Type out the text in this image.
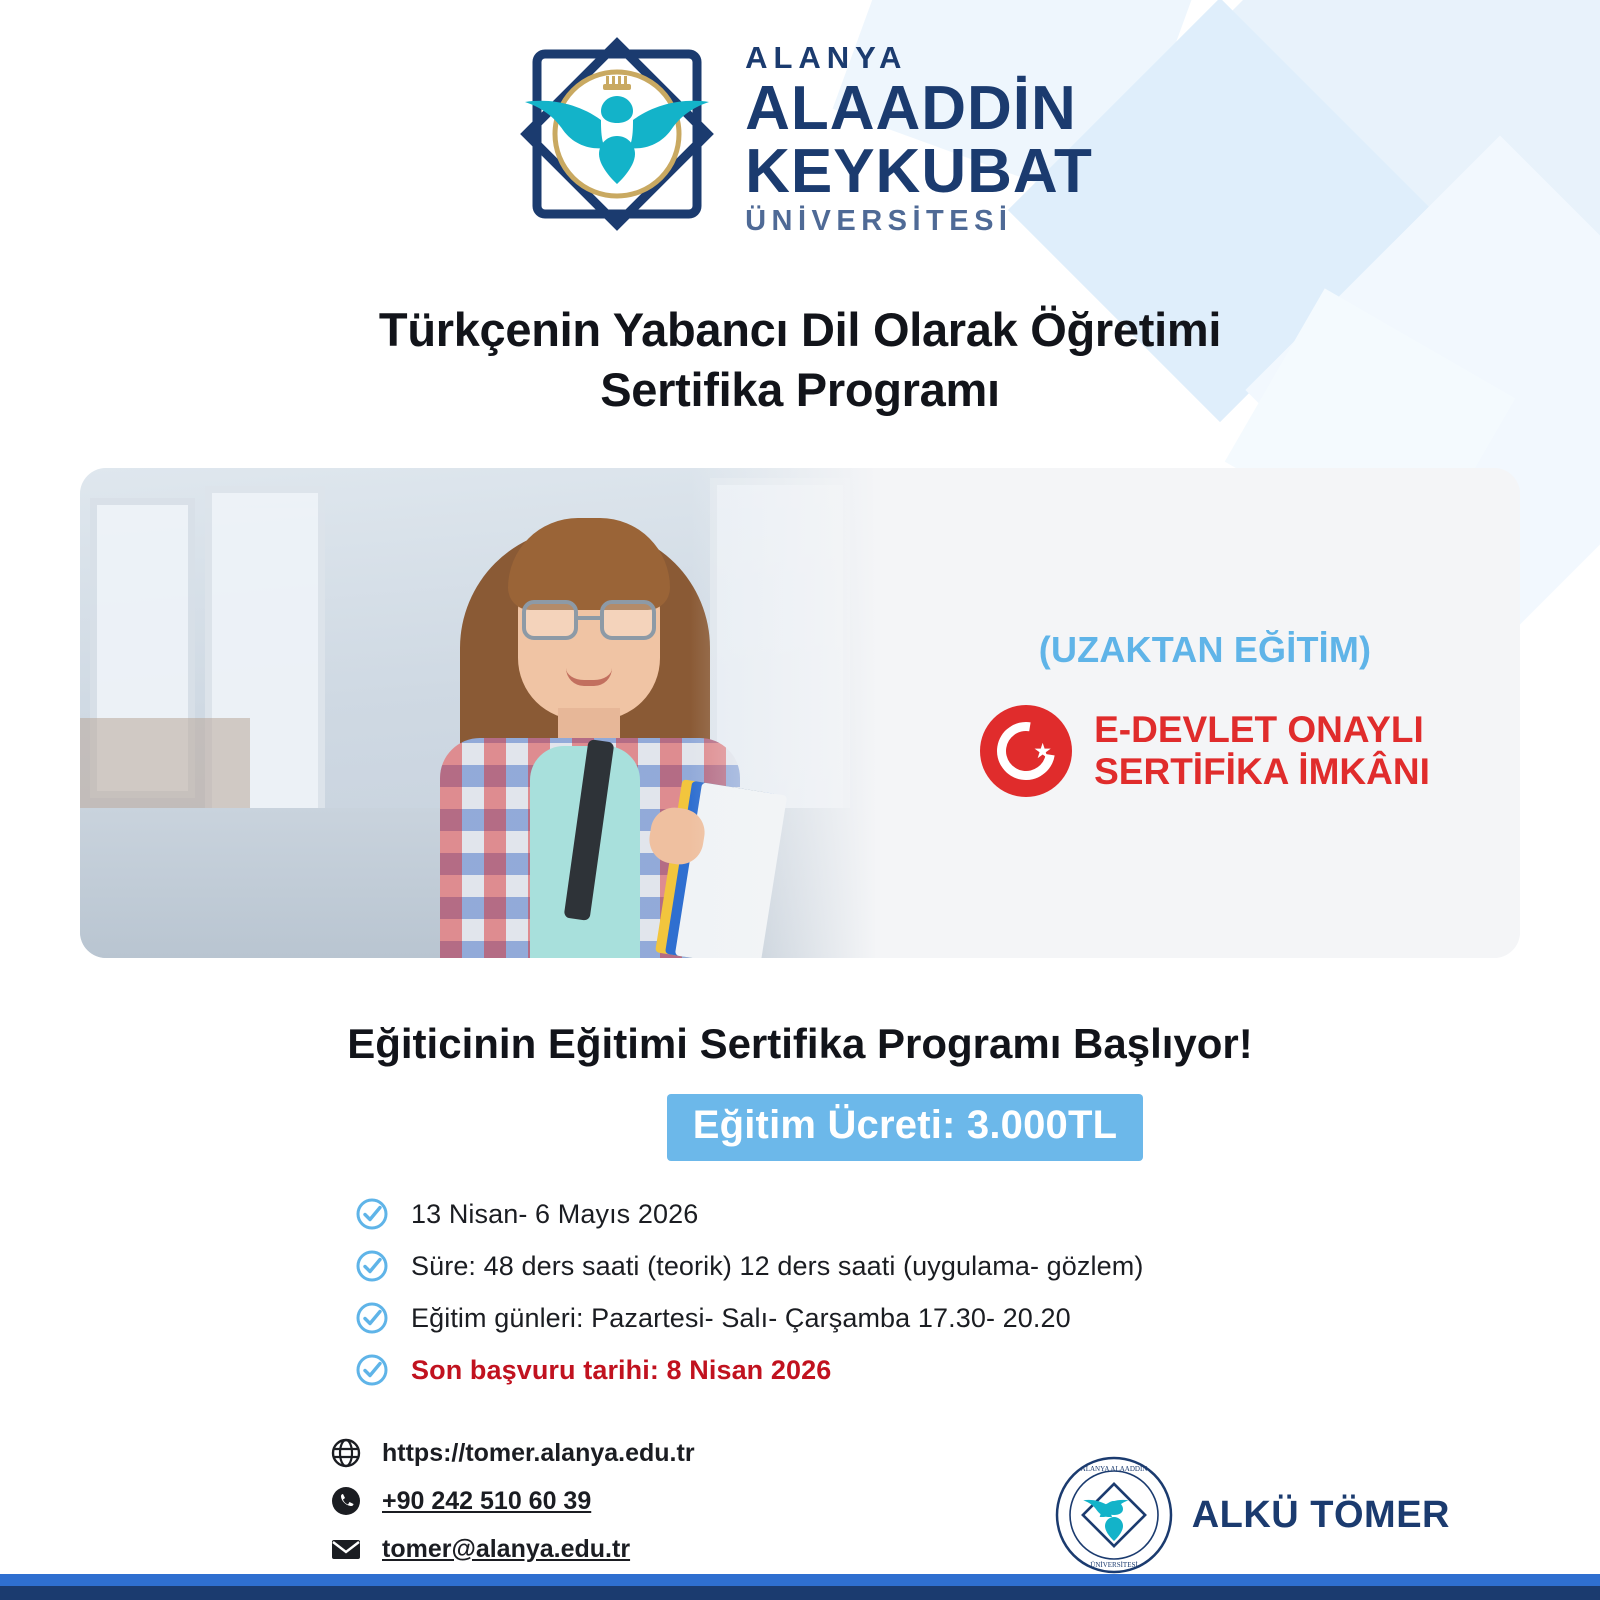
ALANYA
ALAADDİN
KEYKUBAT
ÜNİVERSİTESİ
Türkçenin Yabancı Dil Olarak Öğretimi
Sertifika Programı
(UZAKTAN EĞİTİM)
★
E-DEVLET ONAYLI
SERTİFİKA İMKÂNI
Eğiticinin Eğitimi Sertifika Programı Başlıyor!
Eğitim Ücreti: 3.000TL
13 Nisan- 6 Mayıs 2026
Süre: 48 ders saati (teorik) 12 ders saati (uygulama- gözlem)
Eğitim günleri: Pazartesi- Salı- Çarşamba 17.30- 20.20
Son başvuru tarihi: 8 Nisan 2026
https://tomer.alanya.edu.tr
+90 242 510 60 39
tomer@alanya.edu.tr
ALANYA ALAADDİN
ÜNİVERSİTESİ
ALKÜ TÖMER
